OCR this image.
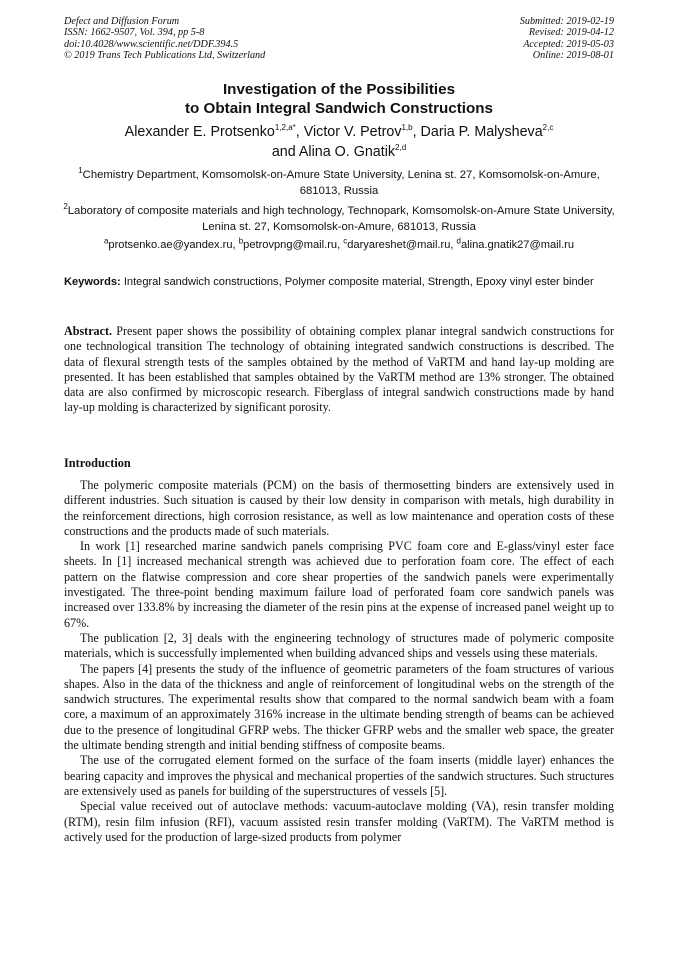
Defect and Diffusion Forum
ISSN: 1662-9507, Vol. 394, pp 5-8
doi:10.4028/www.scientific.net/DDF.394.5
© 2019 Trans Tech Publications Ltd, Switzerland
Submitted: 2019-02-19
Revised: 2019-04-12
Accepted: 2019-05-03
Online: 2019-08-01
Investigation of the Possibilities
to Obtain Integral Sandwich Constructions
Alexander E. Protsenko$^{1,2,a*}$, Victor V. Petrov$^{1,b}$, Daria P. Malysheva$^{2,c}$
and Alina O. Gnatik$^{2,d}$
$^1$Chemistry Department, Komsomolsk-on-Amure State University, Lenina st. 27, Komsomolsk-on-Amure, 681013, Russia
$^2$Laboratory of composite materials and high technology, Technopark, Komsomolsk-on-Amure State University, Lenina st. 27, Komsomolsk-on-Amure, 681013, Russia
$^a$protsenko.ae@yandex.ru, $^b$petrovpng@mail.ru, $^c$daryareshet@mail.ru, $^d$alina.gnatik27@mail.ru
Keywords: Integral sandwich constructions, Polymer composite material, Strength, Epoxy vinyl ester binder
Abstract. Present paper shows the possibility of obtaining complex planar integral sandwich constructions for one technological transition The technology of obtaining integrated sandwich constructions is described. The data of flexural strength tests of the samples obtained by the method of VaRTM and hand lay-up molding are presented. It has been established that samples obtained by the VaRTM method are 13% stronger. The obtained data are also confirmed by microscopic research. Fiberglass of integral sandwich constructions made by hand lay-up molding is characterized by significant porosity.
Introduction

The polymeric composite materials (PCM) on the basis of thermosetting binders are extensively used in different industries. Such situation is caused by their low density in comparison with metals, high durability in the reinforcement directions, high corrosion resistance, as well as low maintenance and operation costs of these constructions and the products made of such materials.

In work [1] researched marine sandwich panels comprising PVC foam core and E-glass/vinyl ester face sheets. In [1] increased mechanical strength was achieved due to perforation foam core. The effect of each pattern on the flatwise compression and core shear properties of the sandwich panels were experimentally investigated. The three-point bending maximum failure load of perforated foam core sandwich panels was increased over 133.8% by increasing the diameter of the resin pins at the expense of increased panel weight up to 67%.

The publication [2, 3] deals with the engineering technology of structures made of polymeric composite materials, which is successfully implemented when building advanced ships and vessels using these materials.

The papers [4] presents the study of the influence of geometric parameters of the foam structures of various shapes. Also in the data of the thickness and angle of reinforcement of longitudinal webs on the strength of the sandwich structures. The experimental results show that compared to the normal sandwich beam with a foam core, a maximum of an approximately 316% increase in the ultimate bending strength of beams can be achieved due to the presence of longitudinal GFRP webs. The thicker GFRP webs and the smaller web space, the greater the ultimate bending strength and initial bending stiffness of composite beams.

The use of the corrugated element formed on the surface of the foam inserts (middle layer) enhances the bearing capacity and improves the physical and mechanical properties of the sandwich structures. Such structures are extensively used as panels for building of the superstructures of vessels [5].

Special value received out of autoclave methods: vacuum-autoclave molding (VA), resin transfer molding (RTM), resin film infusion (RFI), vacuum assisted resin transfer molding (VaRTM). The VaRTM method is actively used for the production of large-sized products from polymer
